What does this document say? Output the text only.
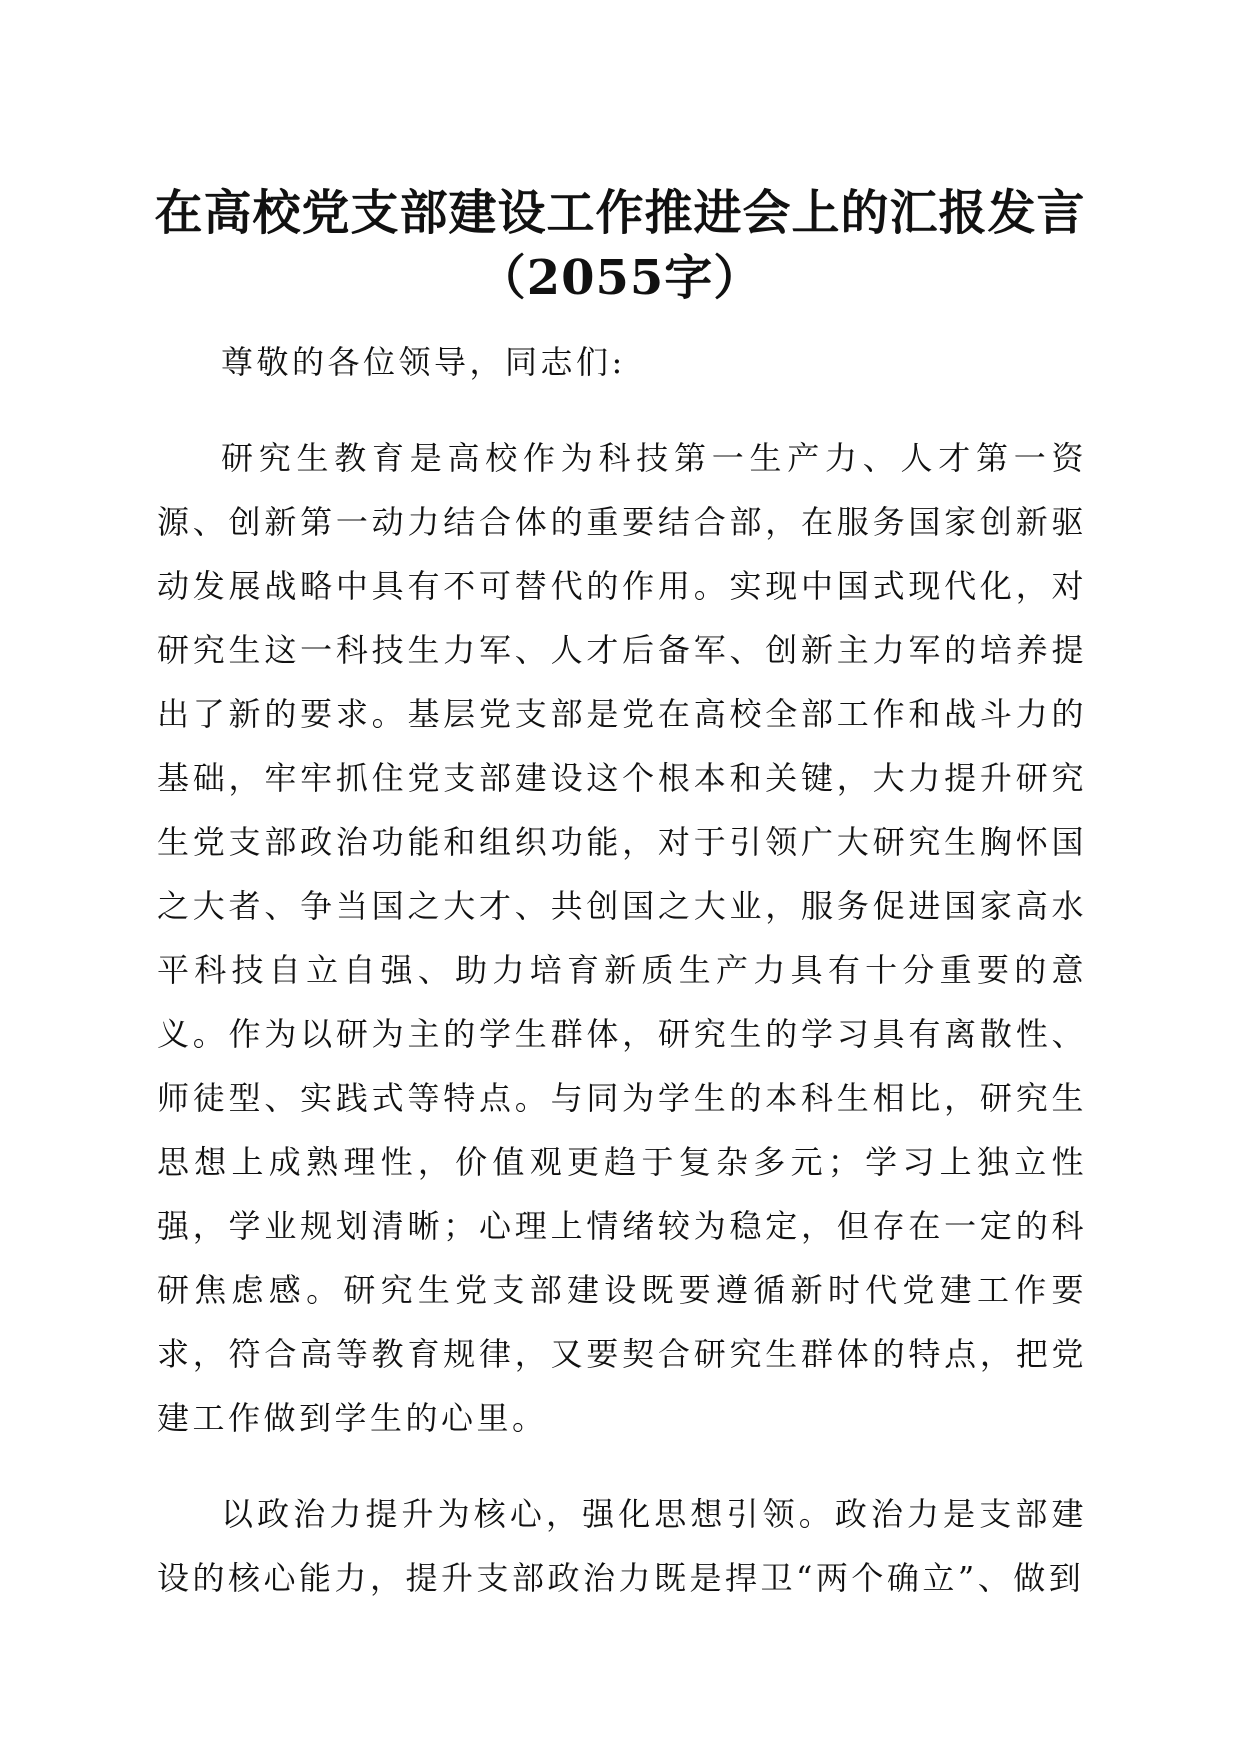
在高校党支部建设工作推进会上的汇报发言
（2055字）

尊敬的各位领导，同志们:

研究生教育是高校作为科技第一生产力、人才第一资源、创新第一动力结合体的重要结合部，在服务国家创新驱动发展战略中具有不可替代的作用。实现中国式现代化，对研究生这一科技生力军、人才后备军、创新主力军的培养提出了新的要求。基层党支部是党在高校全部工作和战斗力的基础，牢牢抓住党支部建设这个根本和关键，大力提升研究生党支部政治功能和组织功能，对于引领广大研究生胸怀国之大者、争当国之大才、共创国之大业，服务促进国家高水平科技自立自强、助力培育新质生产力具有十分重要的意义。作为以研为主的学生群体，研究生的学习具有离散性、师徒型、实践式等特点。与同为学生的本科生相比，研究生思想上成熟理性，价值观更趋于复杂多元；学习上独立性强，学业规划清晰；心理上情绪较为稳定，但存在一定的科研焦虑感。研究生党支部建设既要遵循新时代党建工作要求，符合高等教育规律，又要契合研究生群体的特点，把党建工作做到学生的心里。

以政治力提升为核心，强化思想引领。政治力是支部建设的核心能力，提升支部政治力既是捍卫“两个确立”、做到
